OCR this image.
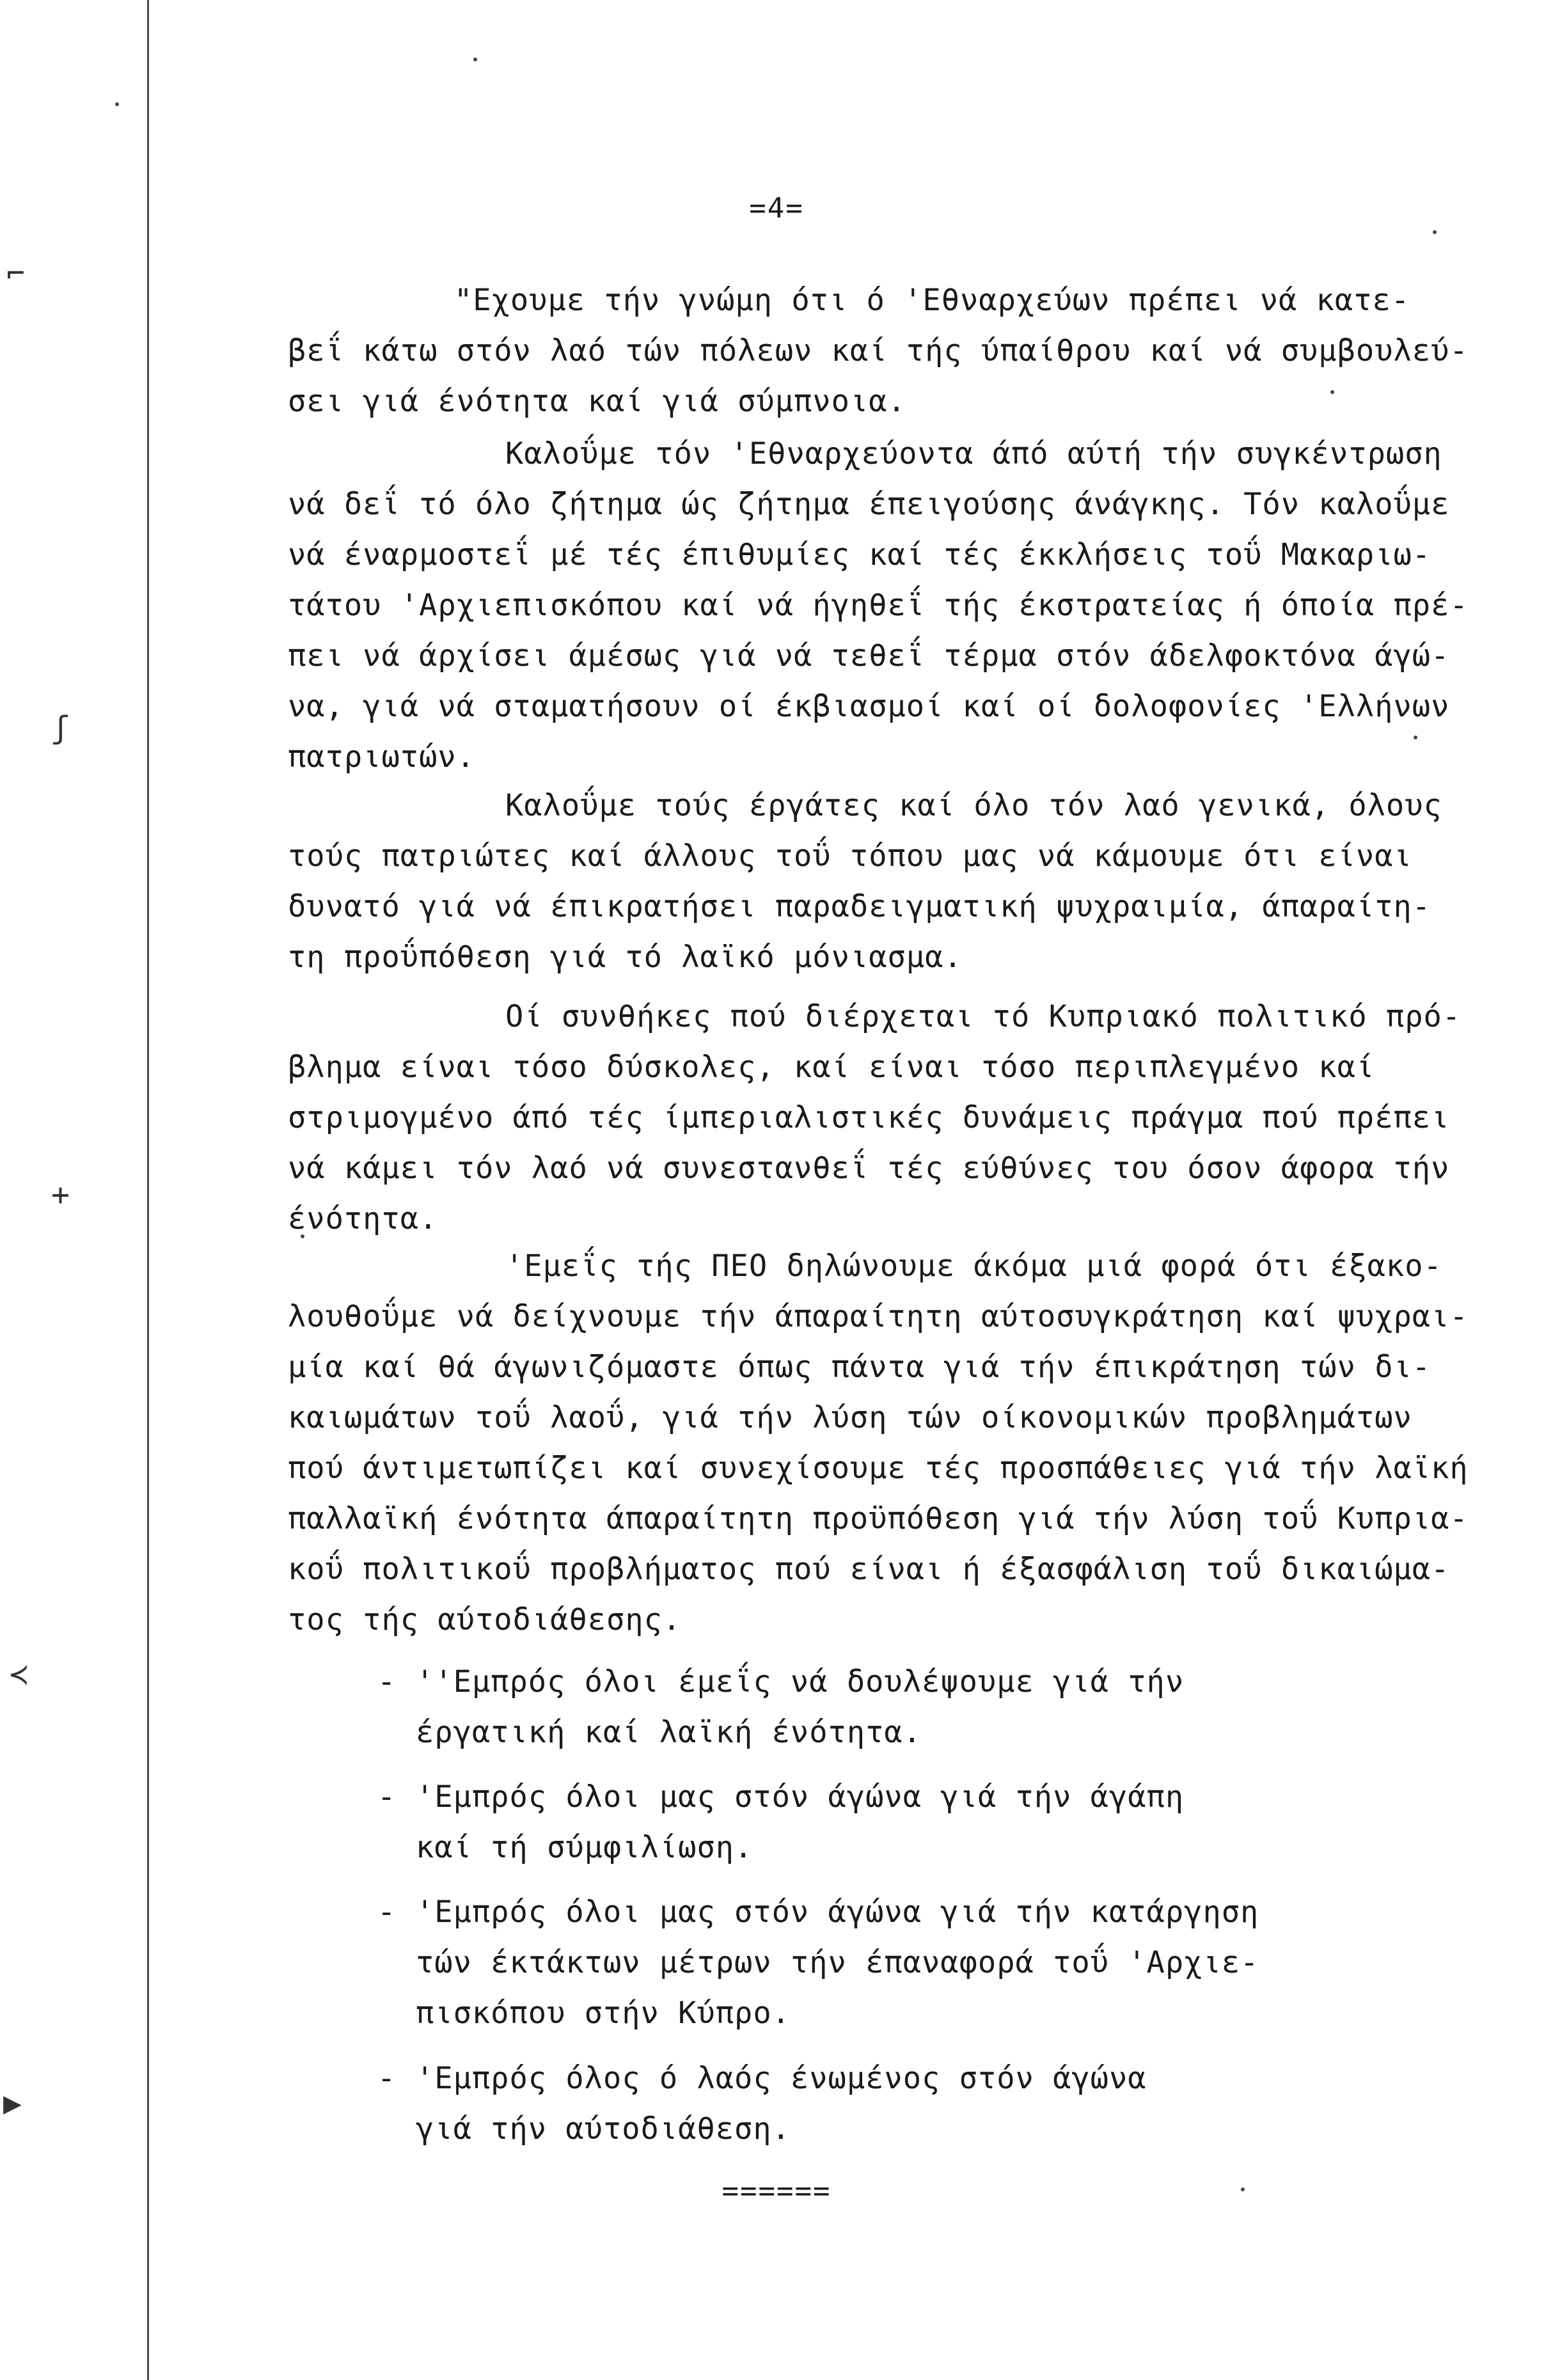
⌐
ʃ
+
≺
▶
=4=
"Εχουμε τήν γνώμη ότι ό 'Εθναρχεύων πρέπει νά κατε-
βεΐ κάτω στόν λαό τών πόλεων καί τής ύπαίθρου καί νά συμβουλεύ-
σει γιά ένότητα καί γιά σύμπνοια.
Καλοΰμε τόν 'Εθναρχεύοντα άπό αύτή τήν συγκέντρωση
νά δεΐ τό όλο ζήτημα ώς ζήτημα έπειγούσης άνάγκης. Τόν καλοΰμε
νά έναρμοστεΐ μέ τές έπιθυμίες καί τές έκκλήσεις τοΰ Μακαριω-
τάτου 'Αρχιεπισκόπου καί νά ήγηθεΐ τής έκστρατείας ή όποία πρέ-
πει νά άρχίσει άμέσως γιά νά τεθεΐ τέρμα στόν άδελφοκτόνα άγώ-
να, γιά νά σταματήσουν οί έκβιασμοί καί οί δολοφονίες 'Ελλήνων
πατριωτών.
Καλοΰμε τούς έργάτες καί όλο τόν λαό γενικά, όλους
τούς πατριώτες καί άλλους τοΰ τόπου μας νά κάμουμε ότι είναι
δυνατό γιά νά έπικρατήσει παραδειγματική ψυχραιμία, άπαραίτη-
τη προΰπόθεση γιά τό λαϊκό μόνιασμα.
Οί συνθήκες πού διέρχεται τό Κυπριακό πολιτικό πρό-
βλημα είναι τόσο δύσκολες, καί είναι τόσο περιπλεγμένο καί
στριμογμένο άπό τές ίμπεριαλιστικές δυνάμεις πράγμα πού πρέπει
νά κάμει τόν λαό νά συνεστανθεΐ τές εύθύνες του όσον άφορα τήν
ένότητα.
'Εμεΐς τής ΠΕΟ δηλώνουμε άκόμα μιά φορά ότι έξακο-
λουθοΰμε νά δείχνουμε τήν άπαραίτητη αύτοσυγκράτηση καί ψυχραι-
μία καί θά άγωνιζόμαστε όπως πάντα γιά τήν έπικράτηση τών δι-
καιωμάτων τοΰ λαοΰ, γιά τήν λύση τών οίκονομικών προβλημάτων
πού άντιμετωπίζει καί συνεχίσουμε τές προσπάθειες γιά τήν λαϊκή
παλλαϊκή ένότητα άπαραίτητη προϋπόθεση γιά τήν λύση τοΰ Κυπρια-
κοΰ πολιτικοΰ προβλήματος πού είναι ή έξασφάλιση τοΰ δικαιώμα-
τος τής αύτοδιάθεσης.
- ''Εμπρός όλοι έμεΐς νά δουλέψουμε γιά τήν
έργατική καί λαϊκή ένότητα.
- 'Εμπρός όλοι μας στόν άγώνα γιά τήν άγάπη
καί τή σύμφιλίωση.
- 'Εμπρός όλοι μας στόν άγώνα γιά τήν κατάργηση
τών έκτάκτων μέτρων τήν έπαναφορά τοΰ 'Αρχιε-
πισκόπου στήν Κύπρο.
- 'Εμπρός όλος ό λαός ένωμένος στόν άγώνα
γιά τήν αύτοδιάθεση.
======
